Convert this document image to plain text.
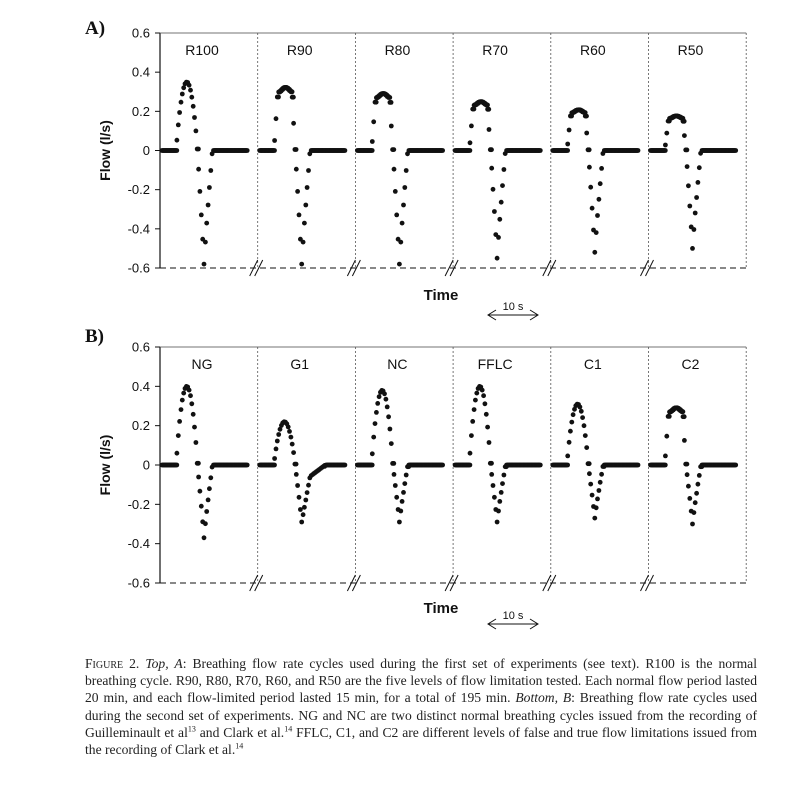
A) 0.6
0.4
0.2
0
-0.2
-0.4
-0.6
Flow (l/s)
R100	R90	R80	R70	R60	R50
Time
10 s
B) 0.6
0.4
0.2
0
-0.2
-0.4
-0.6
Flow (l/s)
NG	G1	NC	FFLC	C1	C2
Time	10 s

Figure 2. Top, A: Breathing flow rate cycles used during the first set of experiments (see text). R100 is the normal breathing cycle. R90, R80, R70, R60, and R50 are the five levels of flow limitation tested. Each normal flow period lasted 20 min, and each flow-limited period lasted 15 min, for a total of 195 min. Bottom, B: Breathing flow rate cycles used during the second set of experiments. NG and NC are two distinct normal breathing cycles issued from the recording of Guilleminault et $al^{13}$ and Clark et al.$^{14}$ FFLC, C1, and C2 are different levels of false and true flow limitations issued from the recording of Clark et al.$^{14}$
